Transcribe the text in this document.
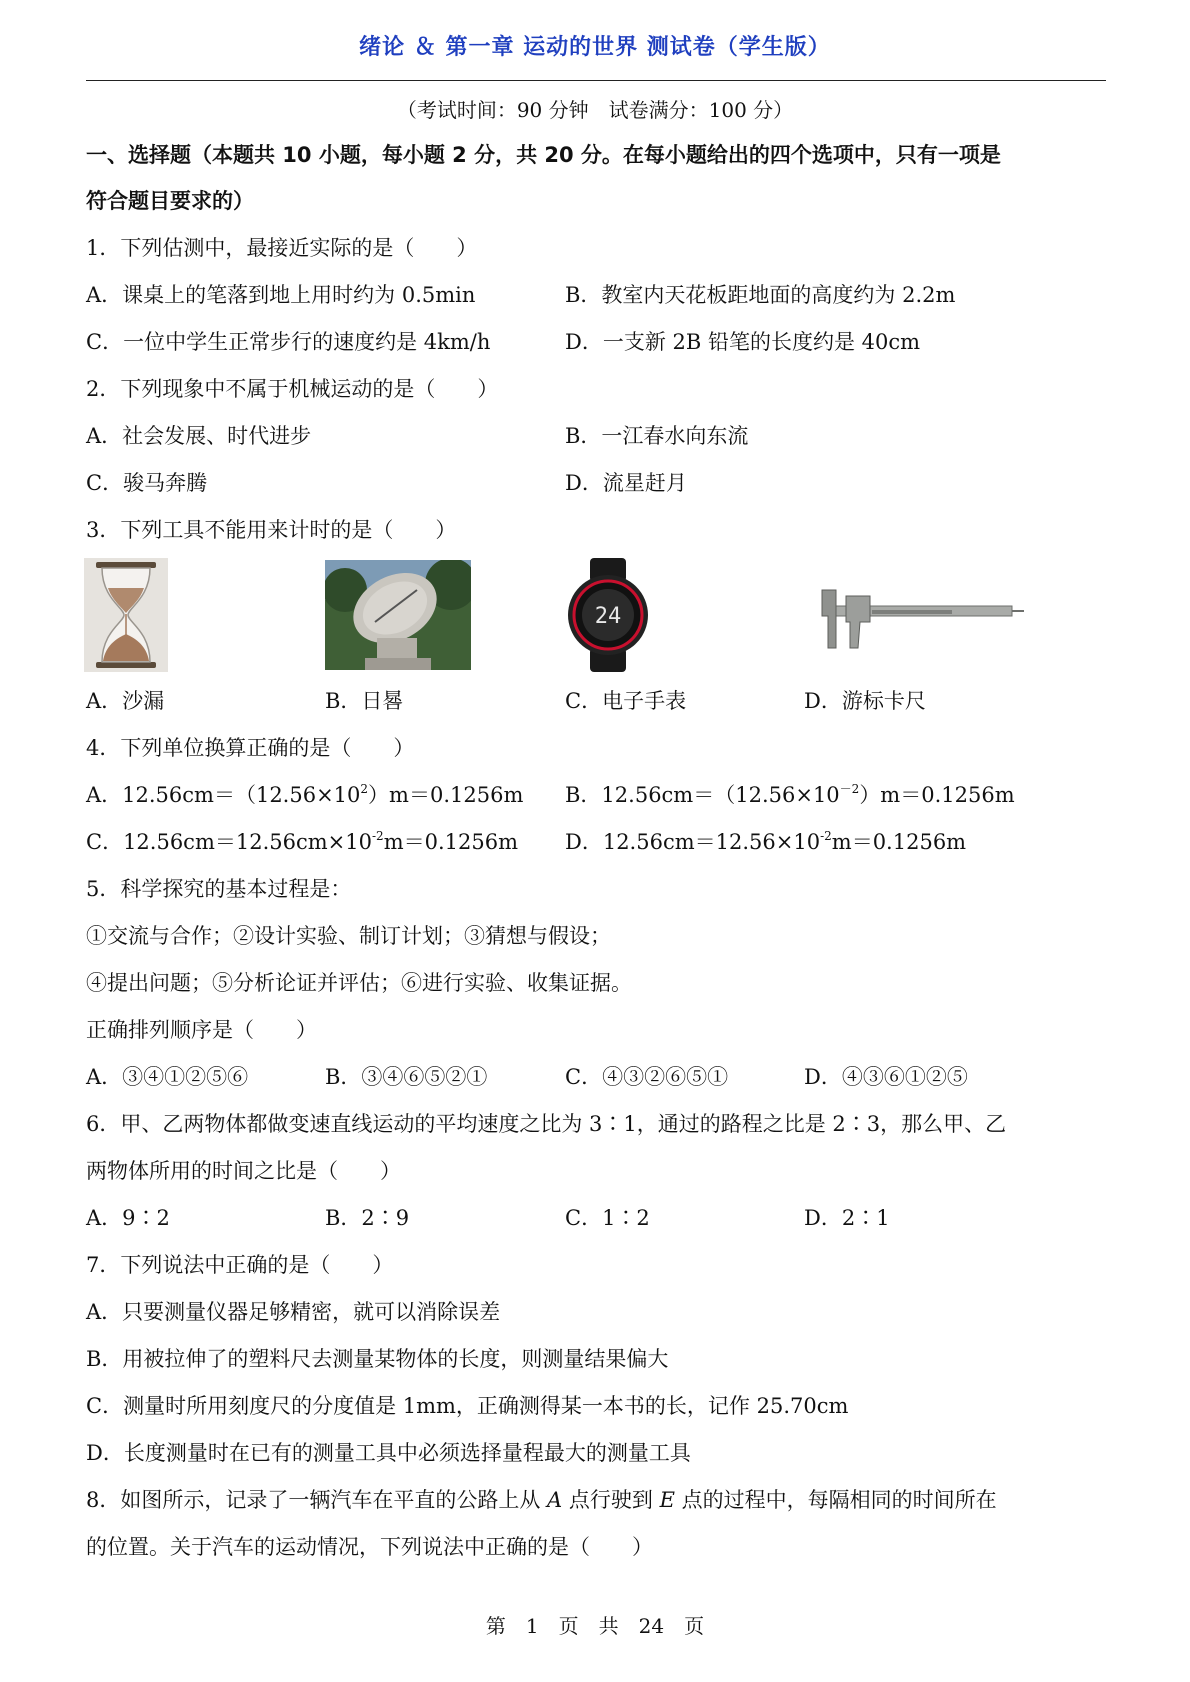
绪论 ＆ 第一章 运动的世界 测试卷（学生版）
（考试时间：90 分钟　试卷满分：100 分）
一、选择题（本题共 10 小题，每小题 2 分，共 20 分。在每小题给出的四个选项中，只有一项是
符合题目要求的）
1．下列估测中，最接近实际的是（　　）
A．课桌上的笔落到地上用时约为 0.5min	B．教室内天花板距地面的高度约为 2.2m
C．一位中学生正常步行的速度约是 4km/h	D．一支新 2B 铅笔的长度约是 40cm
2．下列现象中不属于机械运动的是（　　）
A．社会发展、时代进步	B．一江春水向东流
C．骏马奔腾	D．流星赶月
3．下列工具不能用来计时的是（　　）
24
A．沙漏	B．日晷	C．电子手表	D．游标卡尺
4．下列单位换算正确的是（　　）
A．$12.56cm=(12.56\times 10^2)m=0.1256m$ B．$12.56cm=(12.56\times 10^{-2})m=0.1256m$
C．$12.56cm=12.56cm\times 10^{-2}m=0.1256m$ D．$12.56cm=12.56\times 10^{-2}m=0.1256m$
5．科学探究的基本过程是：
①交流与合作；②设计实验、制订计划；③猜想与假设；
④提出问题；⑤分析论证并评估；⑥进行实验、收集证据。
正确排列顺序是（　　）
A．③④①②⑤⑥	B．③④⑥⑤②①	C．④③②⑥⑤①	D．④③⑥①②⑤
6．甲、乙两物体都做变速直线运动的平均速度之比为 3∶1，通过的路程之比是 2∶3，那么甲、乙
两物体所用的时间之比是（　　）
A．9∶2	B．2∶9	C．1∶2	D．2∶1
7．下列说法中正确的是（　　）
A．只要测量仪器足够精密，就可以消除误差
B．用被拉伸了的塑料尺去测量某物体的长度，则测量结果偏大
C．测量时所用刻度尺的分度值是 1mm，正确测得某一本书的长，记作 25.70cm
D．长度测量时在已有的测量工具中必须选择量程最大的测量工具
8．如图所示，记录了一辆汽车在平直的公路上从 A 点行驶到 E 点的过程中，每隔相同的时间所在
的位置。关于汽车的运动情况，下列说法中正确的是（　　）
第　1　页　共　24　页
